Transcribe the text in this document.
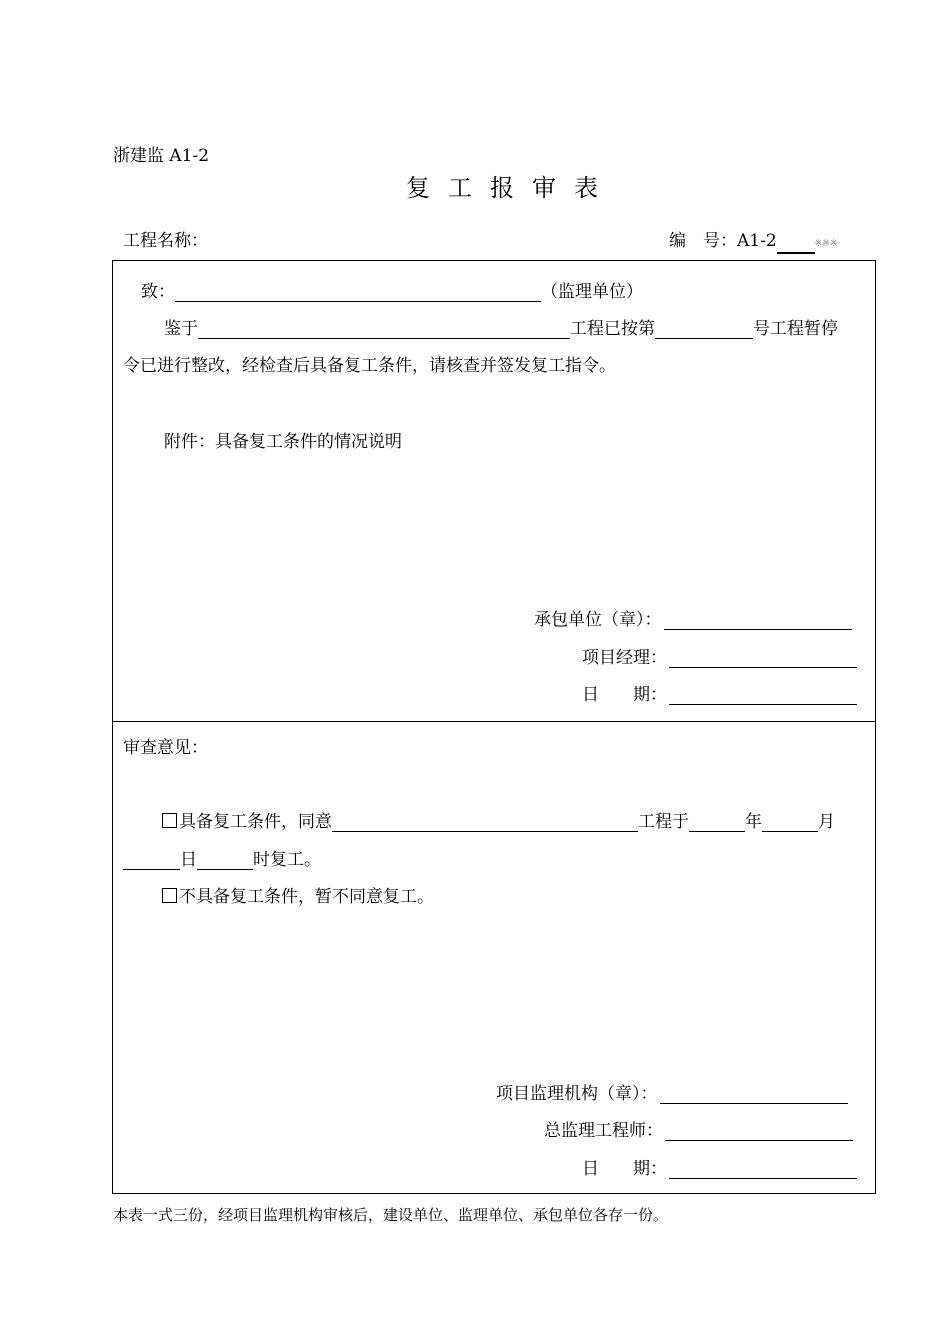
浙建监 A1-2
复工报审表
工程名称：	编　号：A1-2	※※※
致：	（监理单位）
鉴于	工程已按第	号工程暂停
令已进行整改，经检查后具备复工条件，请核查并签发复工指令。
附件：具备复工条件的情况说明
承包单位（章）：
项目经理：
日　　期：
审查意见：
具备复工条件，同意	工程于	年	月
日	时复工。
不具备复工条件，暂不同意复工。
项目监理机构（章）：
总监理工程师：
日　　期：
本表一式三份，经项目监理机构审核后，建设单位、监理单位、承包单位各存一份。
